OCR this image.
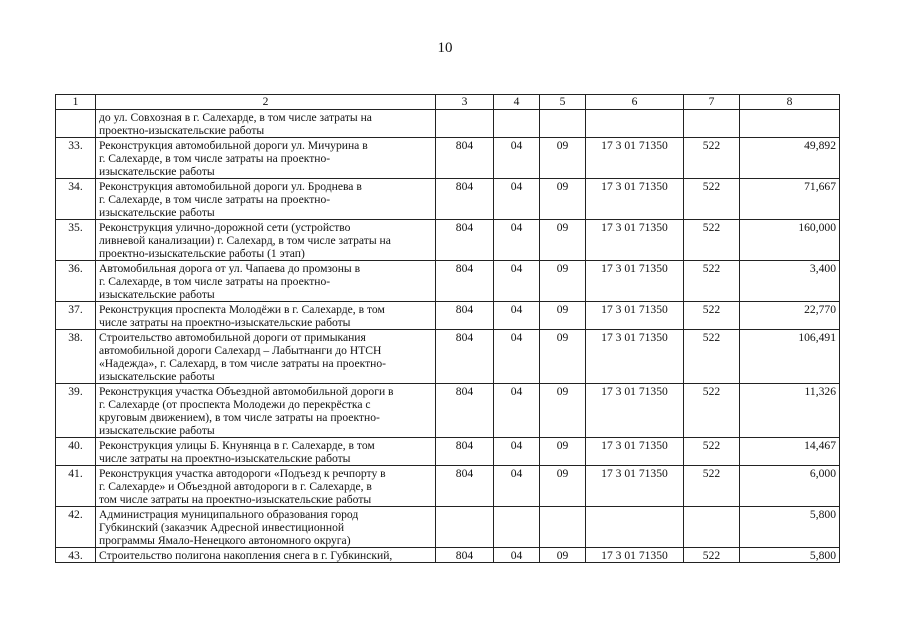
10
1	2	3	4	5	6	7	8

	до ул. Совхозная в г. Салехарде, в том числе затраты на
проектно-изыскательские работы						

33.	Реконструкция автомобильной дороги ул. Мичурина в
г. Салехарде, в том числе затраты на проектно-
изыскательские работы	804	04	09	17 3 01 71350	522	49,892
34.	Реконструкция автомобильной дороги ул. Броднева в
г. Салехарде, в том числе затраты на проектно-
изыскательские работы	804	04	09	17 3 01 71350	522	71,667
35.	Реконструкция улично-дорожной сети (устройство
ливневой канализации) г. Салехард, в том числе затраты на
проектно-изыскательские работы (1 этап)	804	04	09	17 3 01 71350	522	160,000
36.	Автомобильная дорога от ул. Чапаева до промзоны в
г. Салехарде, в том числе затраты на проектно-
изыскательские работы	804	04	09	17 3 01 71350	522	3,400
37.	Реконструкция проспекта Молодёжи в г. Салехарде, в том
числе затраты на проектно-изыскательские работы	804	04	09	17 3 01 71350	522	22,770
38.	Строительство автомобильной дороги от примыкания
автомобильной дороги Салехард – Лабытнанги до НТСН
«Надежда», г. Салехард, в том числе затраты на проектно-
изыскательские работы	804	04	09	17 3 01 71350	522	106,491
39.	Реконструкция участка Объездной автомобильной дороги в
г. Салехарде (от проспекта Молодежи до перекрёстка с
круговым движением), в том числе затраты на проектно-
изыскательские работы	804	04	09	17 3 01 71350	522	11,326
40.	Реконструкция улицы Б. Кнунянца в г. Салехарде, в том
числе затраты на проектно-изыскательские работы	804	04	09	17 3 01 71350	522	14,467
41.	Реконструкция участка автодороги «Подъезд к речпорту в
г. Салехарде» и Объездной автодороги в г. Салехарде, в
том числе затраты на проектно-изыскательские работы	804	04	09	17 3 01 71350	522	6,000
42.	Администрация муниципального образования город
Губкинский (заказчик Адресной инвестиционной
программы Ямало-Ненецкого автономного округа)						5,800
43.	Строительство полигона накопления снега в г. Губкинский,	804	04	09	17 3 01 71350	522	5,800
